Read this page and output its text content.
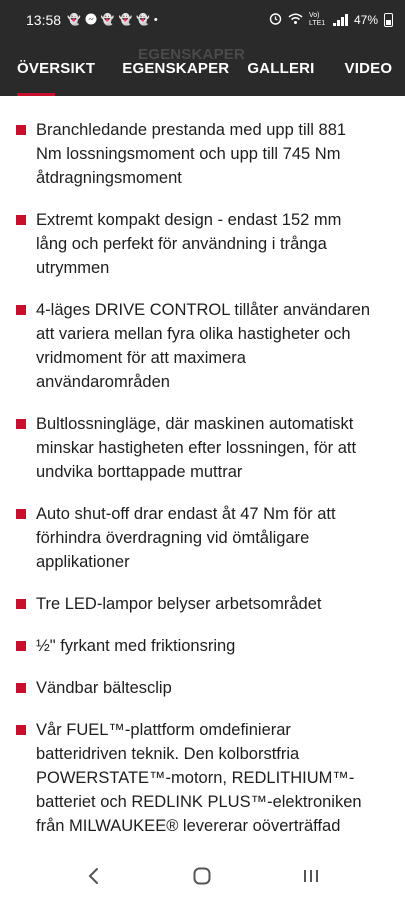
13:58 👻 👻 👻 👻 •	Vo) LTE1 47%
EGENSKAPER
ÖVERSIKT EGENSKAPER GALLERI VIDEO
Branchledande prestanda med upp till 881 Nm lossningsmoment och upp till 745 Nm åtdragningsmoment
Extremt kompakt design - endast 152 mm lång och perfekt för användning i trånga utrymmen
4-läges DRIVE CONTROL tillåter användaren att variera mellan fyra olika hastigheter och vridmoment för att maximera användarområden
Bultlossningläge, där maskinen automatiskt minskar hastigheten efter lossningen, för att undvika borttappade muttrar
Auto shut-off drar endast åt 47 Nm för att förhindra överdragning vid ömtåligare applikationer
Tre LED-lampor belyser arbetsområdet
½" fyrkant med friktionsring
Vändbar bältesclip
Vår FUEL™-plattform omdefinierar batteridriven teknik. Den kolborstfria POWERSTATE™-motorn, REDLITHIUM™-batteriet och REDLINK PLUS™-elektroniken från MILWAUKEE® levererar oöverträffad
